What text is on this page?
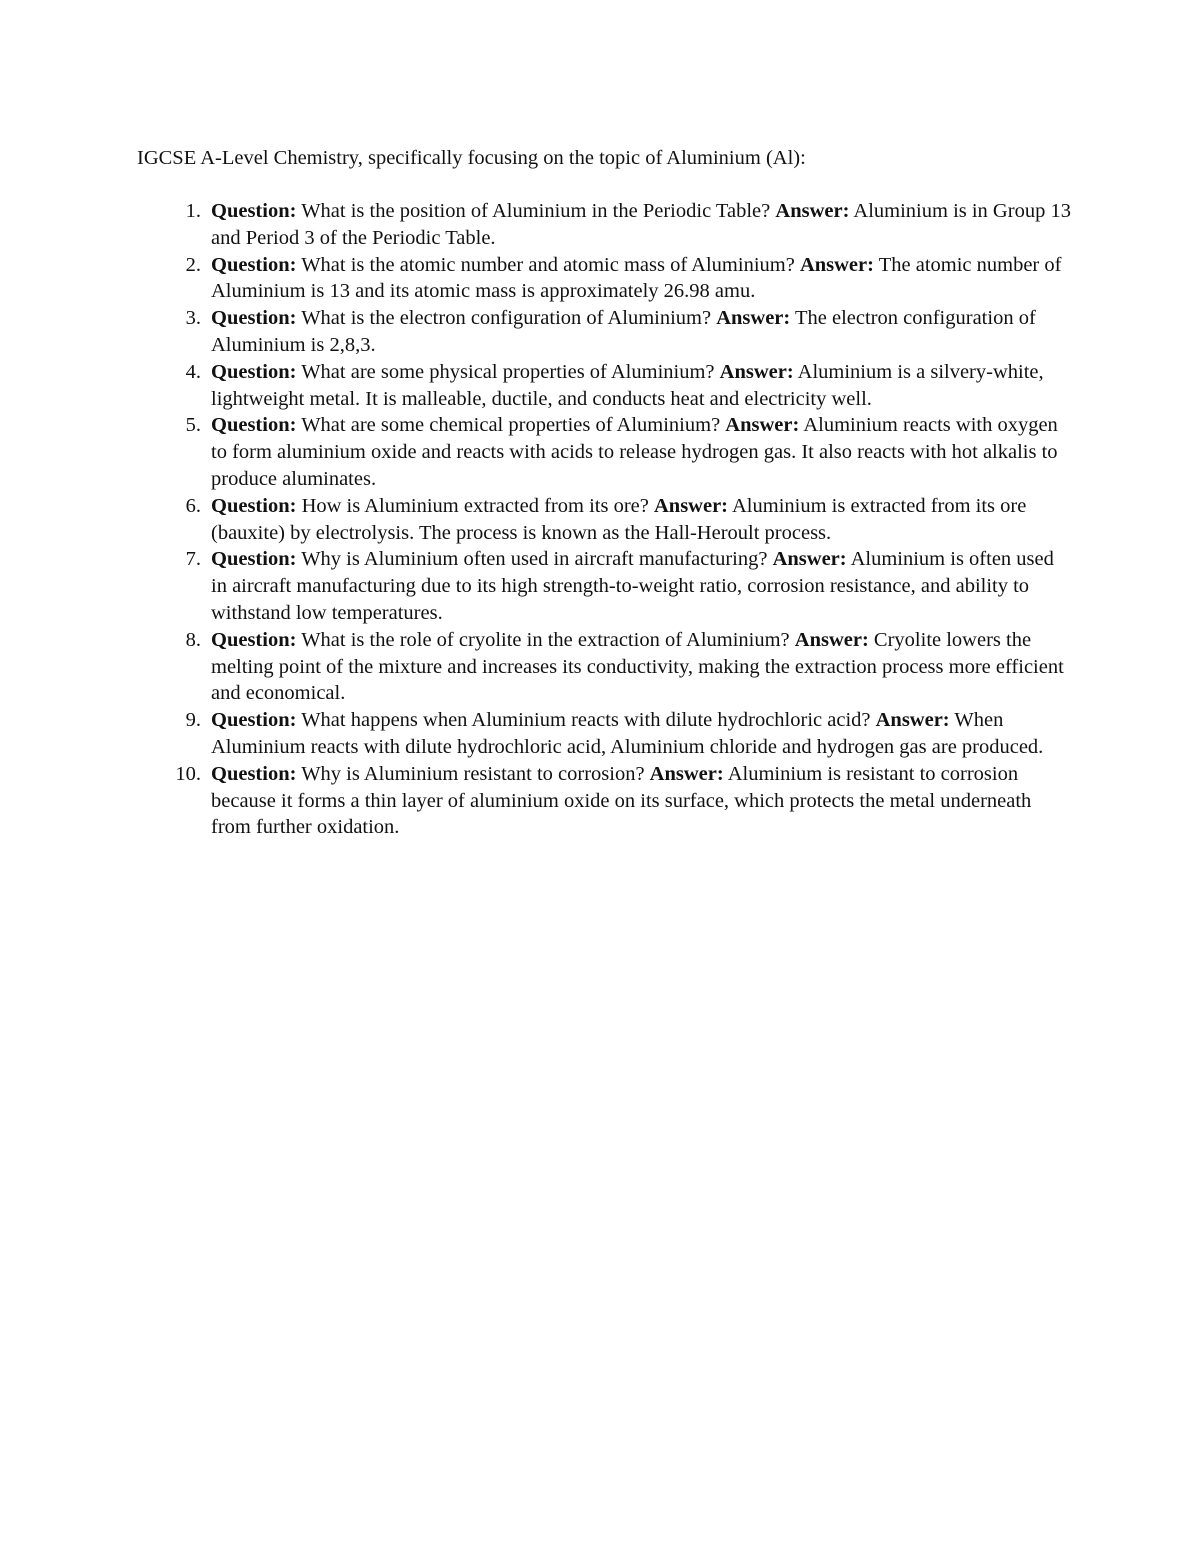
IGCSE A-Level Chemistry, specifically focusing on the topic of Aluminium (Al):

1. Question: What is the position of Aluminium in the Periodic Table? Answer: Aluminium is in Group 13 and Period 3 of the Periodic Table.
2. Question: What is the atomic number and atomic mass of Aluminium? Answer: The atomic number of Aluminium is 13 and its atomic mass is approximately 26.98 amu.
3. Question: What is the electron configuration of Aluminium? Answer: The electron configuration of Aluminium is 2,8,3.
4. Question: What are some physical properties of Aluminium? Answer: Aluminium is a silvery-white, lightweight metal. It is malleable, ductile, and conducts heat and electricity well.
5. Question: What are some chemical properties of Aluminium? Answer: Aluminium reacts with oxygen to form aluminium oxide and reacts with acids to release hydrogen gas. It also reacts with hot alkalis to produce aluminates.
6. Question: How is Aluminium extracted from its ore? Answer: Aluminium is extracted from its ore (bauxite) by electrolysis. The process is known as the Hall-Heroult process.
7. Question: Why is Aluminium often used in aircraft manufacturing? Answer: Aluminium is often used in aircraft manufacturing due to its high strength-to-weight ratio, corrosion resistance, and ability to withstand low temperatures.
8. Question: What is the role of cryolite in the extraction of Aluminium? Answer: Cryolite lowers the melting point of the mixture and increases its conductivity, making the extraction process more efficient and economical.
9. Question: What happens when Aluminium reacts with dilute hydrochloric acid? Answer: When Aluminium reacts with dilute hydrochloric acid, Aluminium chloride and hydrogen gas are produced.
10. Question: Why is Aluminium resistant to corrosion? Answer: Aluminium is resistant to corrosion because it forms a thin layer of aluminium oxide on its surface, which protects the metal underneath from further oxidation.
